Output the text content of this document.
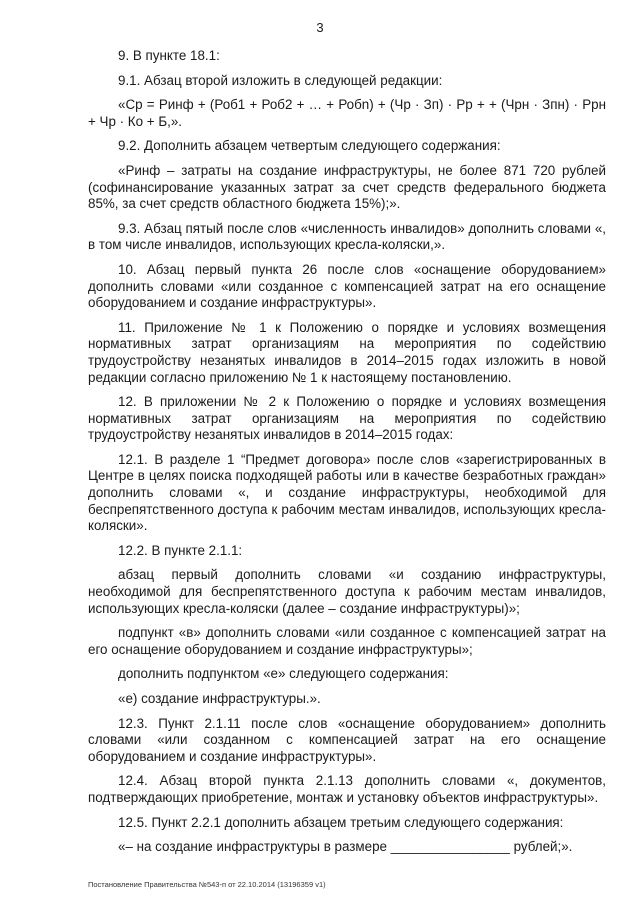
3

9. В пункте 18.1:

9.1. Абзац второй изложить в следующей редакции:

«Ср = Ринф + (Роб1 + Роб2 + … + Робn) + (Чр · Зп) · Рр + + (Чрн · Зпн) · Ррн + Чр · Ко + Б,».

9.2. Дополнить абзацем четвертым следующего содержания:

«Ринф – затраты на создание инфраструктуры, не более 871 720 рублей (софинансирование указанных затрат за счет средств федерального бюджета 85%, за счет средств областного бюджета 15%);».

9.3. Абзац пятый после слов «численность инвалидов» дополнить словами «, в том числе инвалидов, использующих кресла-коляски,».

10. Абзац первый пункта 26 после слов «оснащение оборудованием» дополнить словами «или созданное с компенсацией затрат на его оснащение оборудованием и создание инфраструктуры».

11. Приложение № 1 к Положению о порядке и условиях возмещения нормативных затрат организациям на мероприятия по содействию трудоустройству незанятых инвалидов в 2014–2015 годах изложить в новой редакции согласно приложению № 1 к настоящему постановлению.

12. В приложении № 2 к Положению о порядке и условиях возмещения нормативных затрат организациям на мероприятия по содействию трудоустройству незанятых инвалидов в 2014–2015 годах:

12.1. В разделе 1 “Предмет договора» после слов «зарегистрированных в Центре в целях поиска подходящей работы или в качестве безработных граждан» дополнить словами «, и создание инфраструктуры, необходимой для беспрепятственного доступа к рабочим местам инвалидов, использующих кресла-коляски».

12.2. В пункте 2.1.1:

абзац первый дополнить словами «и созданию инфраструктуры, необходимой для беспрепятственного доступа к рабочим местам инвалидов, использующих кресла-коляски (далее – создание инфраструктуры)»;

подпункт «в» дополнить словами «или созданное с компенсацией затрат на его оснащение оборудованием и создание инфраструктуры»;

дополнить подпунктом «е» следующего содержания:

«е) создание инфраструктуры.».

12.3. Пункт 2.1.11 после слов «оснащение оборудованием» дополнить словами «или созданном с компенсацией затрат на его оснащение оборудованием и создание инфраструктуры».

12.4. Абзац второй пункта 2.1.13 дополнить словами «, документов, подтверждающих приобретение, монтаж и установку объектов инфраструктуры».

12.5. Пункт 2.2.1 дополнить абзацем третьим следующего содержания:

«– на создание инфраструктуры в размере ________________ рублей;».

Постановление Правительства №543-п от 22.10.2014 (13196359 v1)
